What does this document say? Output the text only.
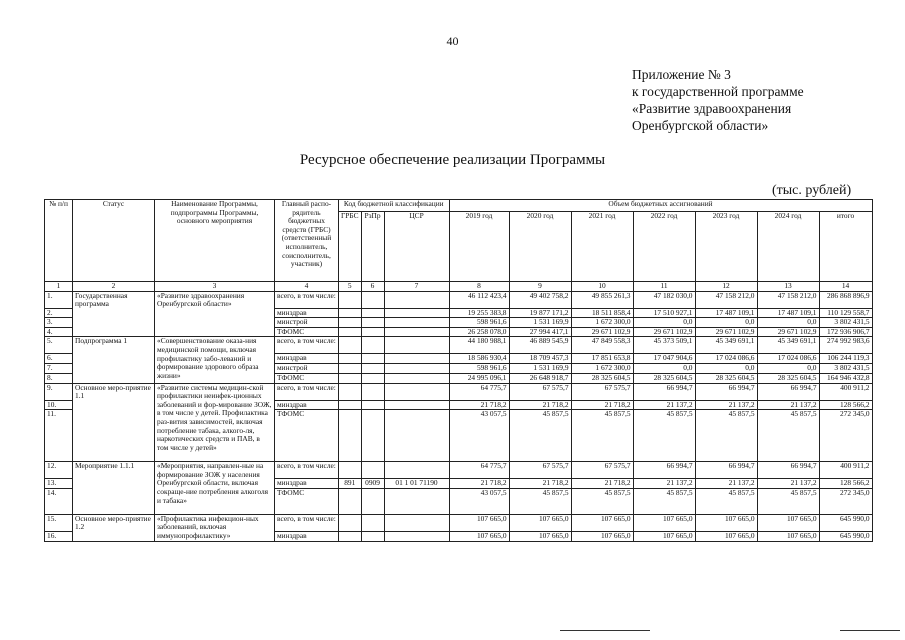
40
Приложение № 3
к государственной программе
«Развитие здравоохранения
Оренбургской области»
Ресурсное обеспечение реализации Программы
(тыс. рублей)
№ п/п	Статус	Наименование Программы, подпрограммы Программы, основного мероприятия	Главный распо-рядитель бюджетных средств (ГРБС) (ответственный исполнитель, соисполнитель, участник)	Код бюджетной классификации			Объем бюджетных ассигнований						
				ГРБС	РзПр	ЦСР	2019 год	2020 год	2021 год	2022 год	2023 год	2024 год	итого
1	2	3	4	5	6	7	8	9	10	11	12	13	14
1.	Государственная программа	«Развитие здравоохранения Оренбургской области»	всего, в том числе:				46 112 423,4	49 402 758,2	49 855 261,3	47 182 030,0	47 158 212,0	47 158 212,0	286 868 896,9
2.			минздрав				19 255 383,8	19 877 171,2	18 511 858,4	17 510 927,1	17 487 109,1	17 487 109,1	110 129 558,7
3.			минстрой				598 961,6	1 531 169,9	1 672 300,0	0,0	0,0	0,0	3 802 431,5
4.			ТФОМС				26 258 078,0	27 994 417,1	29 671 102,9	29 671 102,9	29 671 102,9	29 671 102,9	172 936 906,7
5.	Подпрограмма 1	«Совершенствование оказа-ния медицинской помощи, включая профилактику забо-леваний и формирование здорового образа жизни»	всего, в том числе:				44 180 988,1	46 889 545,9	47 849 558,3	45 373 509,1	45 349 691,1	45 349 691,1	274 992 983,6
6.			минздрав				18 586 930,4	18 709 457,3	17 851 653,8	17 047 904,6	17 024 086,6	17 024 086,6	106 244 119,3
7.			минстрой				598 961,6	1 531 169,9	1 672 300,0	0,0	0,0	0,0	3 802 431,5
8.			ТФОМС				24 995 096,1	26 648 918,7	28 325 604,5	28 325 604,5	28 325 604,5	28 325 604,5	164 946 432,8
9.	Основное меро-приятие 1.1	«Развитие системы медицин-ской профилактики неинфек-ционных заболеваний и фор-мирование ЗОЖ, в том числе у детей. Профилактика раз-вития зависимостей, включая потребление табака, алкого-ля, наркотических средств и ПАВ, в том числе у детей»	всего, в том числе:				64 775,7	67 575,7	67 575,7	66 994,7	66 994,7	66 994,7	400 911,2
10.			минздрав				21 718,2	21 718,2	21 718,2	21 137,2	21 137,2	21 137,2	128 566,2
11.			ТФОМС				43 057,5	45 857,5	45 857,5	45 857,5	45 857,5	45 857,5	272 345,0
12.	Мероприятие 1.1.1	«Мероприятия, направлен-ные на формирование ЗОЖ у населения Оренбургской области, включая сокраще-ние потребления алкоголя и табака»	всего, в том числе:				64 775,7	67 575,7	67 575,7	66 994,7	66 994,7	66 994,7	400 911,2
13.			минздрав	891	0909	01 1 01 71190	21 718,2	21 718,2	21 718,2	21 137,2	21 137,2	21 137,2	128 566,2
14.			ТФОМС				43 057,5	45 857,5	45 857,5	45 857,5	45 857,5	45 857,5	272 345,0
15.	Основное меро-приятие 1.2	«Профилактика инфекцион-ных заболеваний, включая иммунопрофилактику»	всего, в том числе:				107 665,0	107 665,0	107 665,0	107 665,0	107 665,0	107 665,0	645 990,0
16.			минздрав				107 665,0	107 665,0	107 665,0	107 665,0	107 665,0	107 665,0	645 990,0
